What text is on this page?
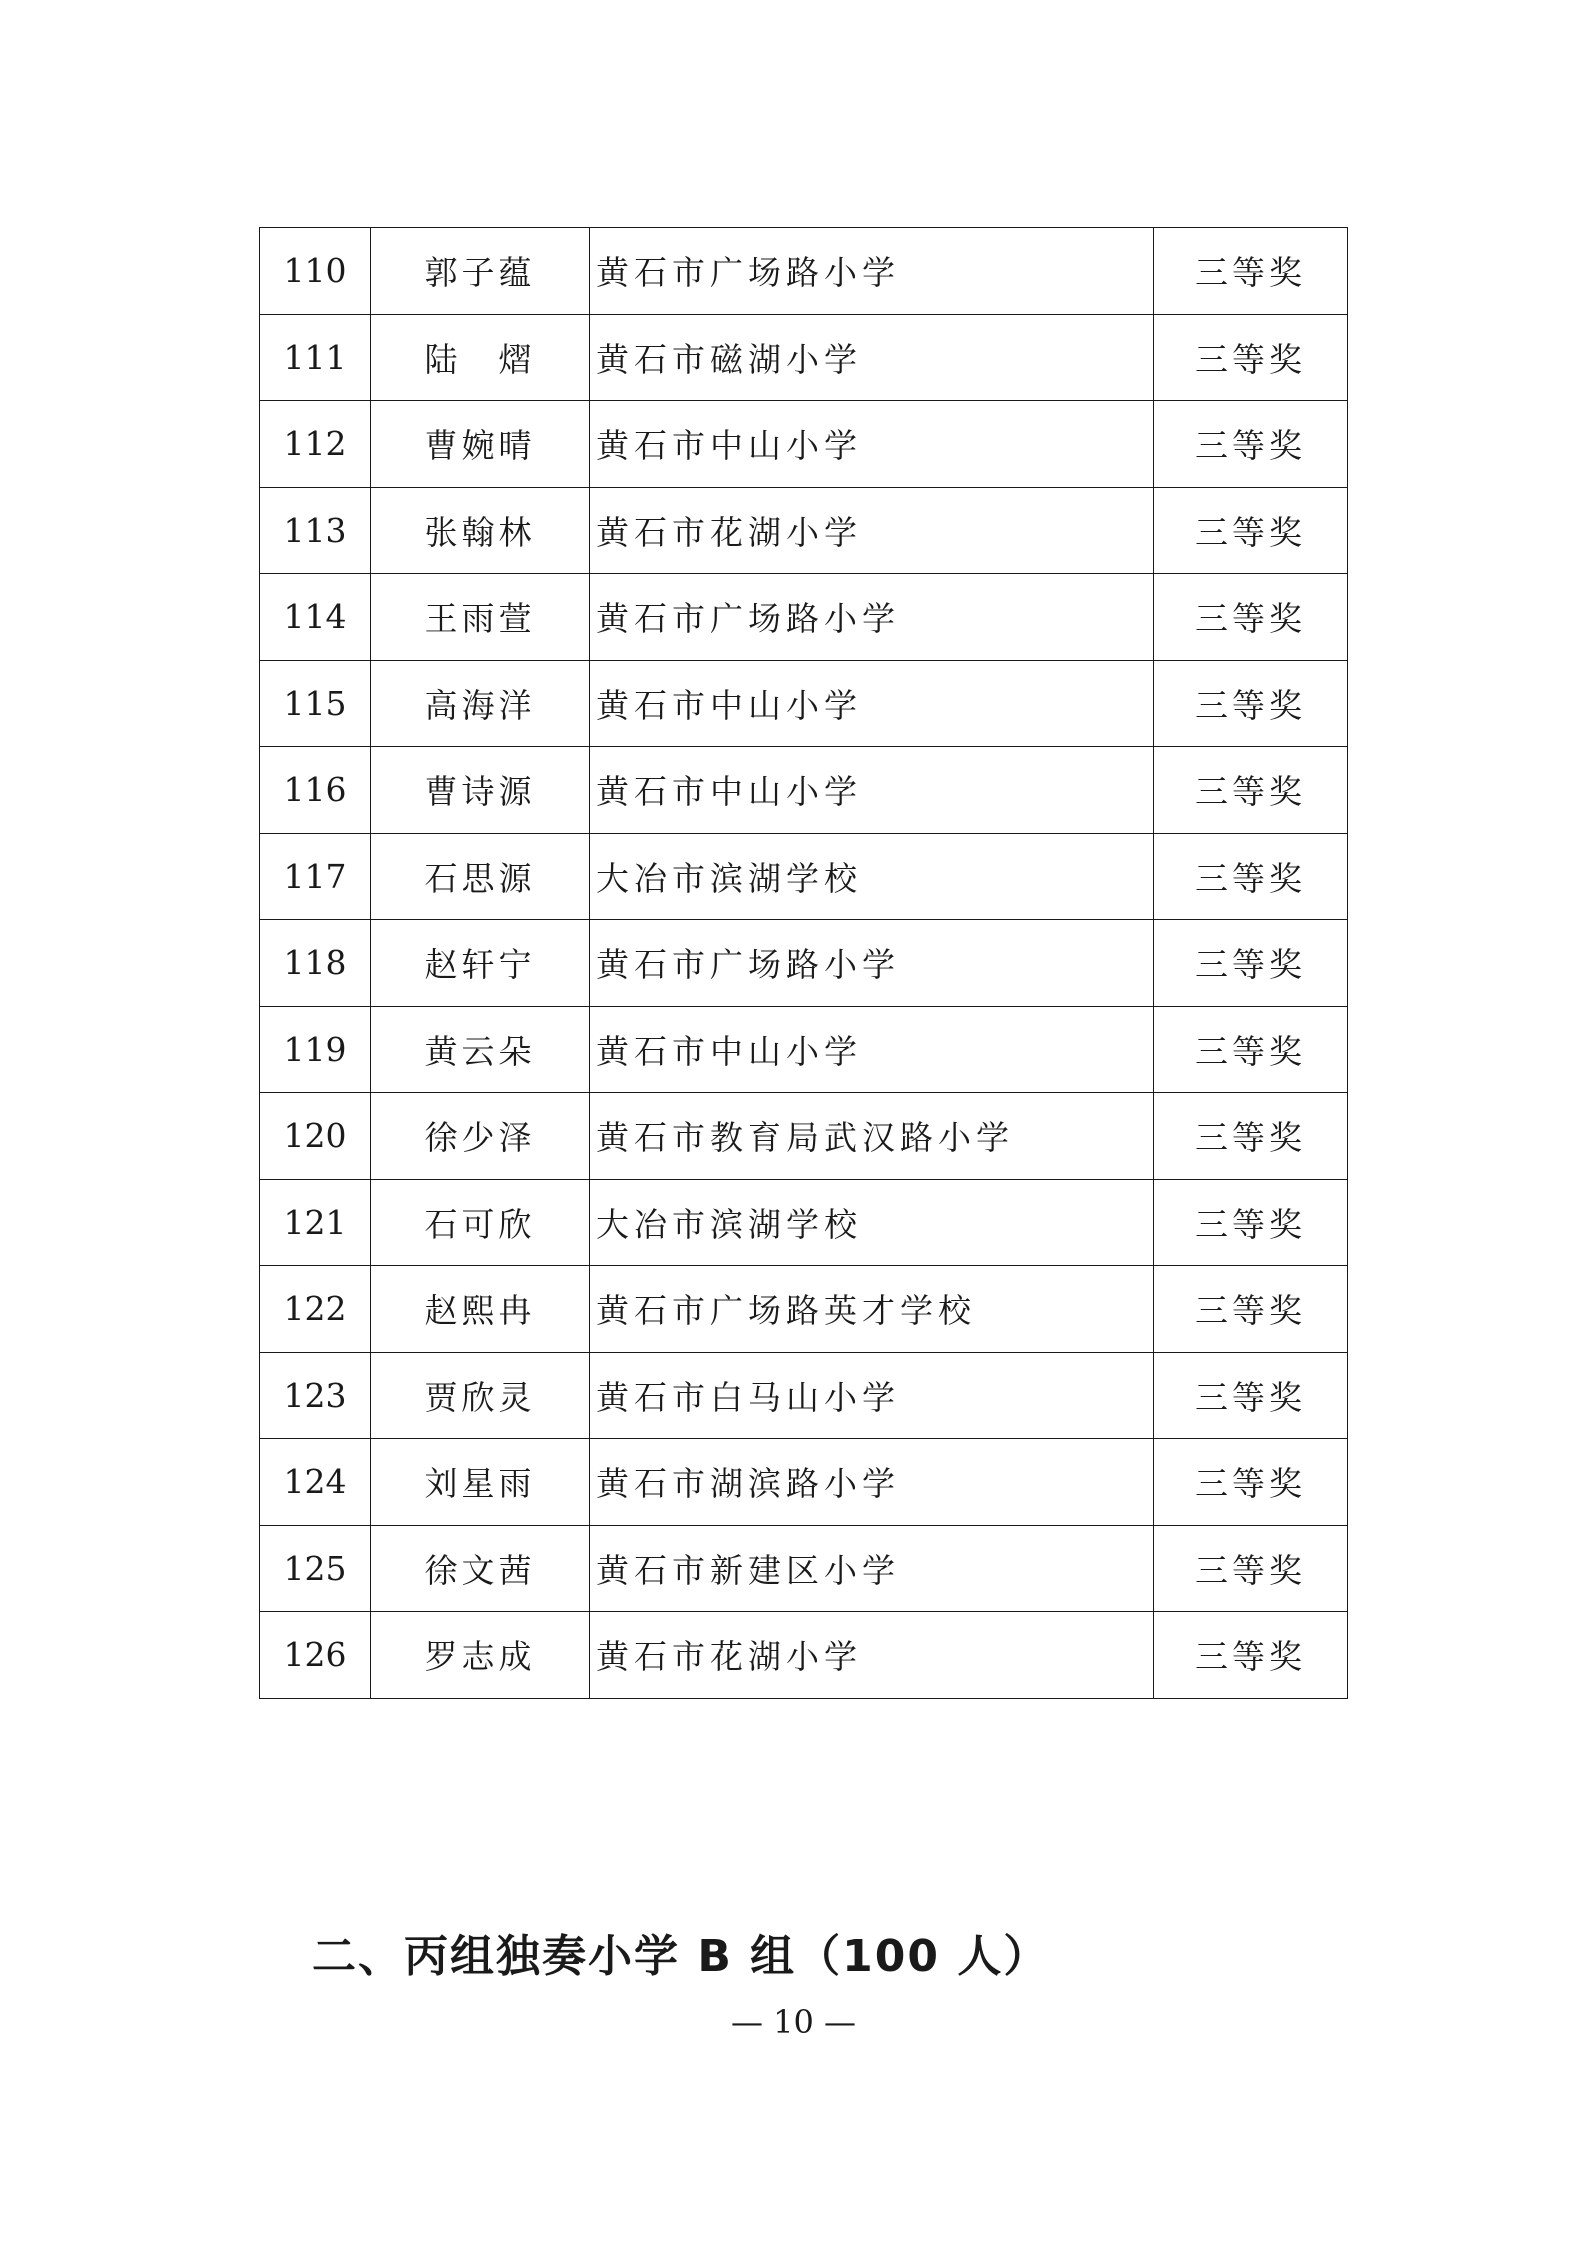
110	郭子蕴	黄石市广场路小学	三等奖
111	陆　熠	黄石市磁湖小学	三等奖
112	曹婉晴	黄石市中山小学	三等奖
113	张翰林	黄石市花湖小学	三等奖
114	王雨萱	黄石市广场路小学	三等奖
115	高海洋	黄石市中山小学	三等奖
116	曹诗源	黄石市中山小学	三等奖
117	石思源	大冶市滨湖学校	三等奖
118	赵轩宁	黄石市广场路小学	三等奖
119	黄云朵	黄石市中山小学	三等奖
120	徐少泽	黄石市教育局武汉路小学	三等奖
121	石可欣	大冶市滨湖学校	三等奖
122	赵熙冉	黄石市广场路英才学校	三等奖
123	贾欣灵	黄石市白马山小学	三等奖
124	刘星雨	黄石市湖滨路小学	三等奖
125	徐文茜	黄石市新建区小学	三等奖
126	罗志成	黄石市花湖小学	三等奖
二、丙组独奏小学 B 组（100 人）
— 10 —
